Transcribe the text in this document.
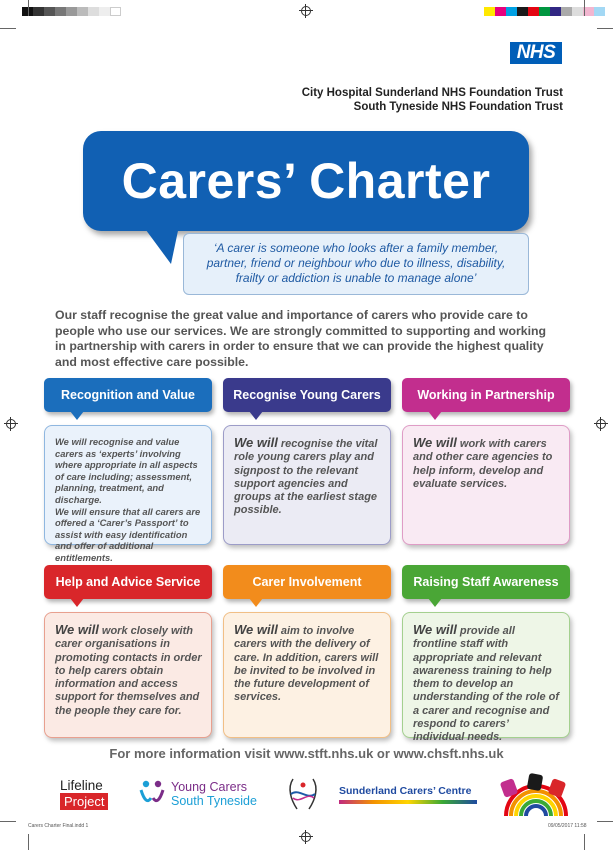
NHS
City Hospital Sunderland NHS Foundation Trust
South Tyneside NHS Foundation Trust
Carers’ Charter
‘A carer is someone who looks after a family member, partner, friend or neighbour who due to illness, disability, frailty or addiction is unable to manage alone’
Our staff recognise the great value and importance of carers who provide care to people who use our services. We are strongly committed to supporting and working in partnership with carers in order to ensure that we can provide the highest quality and most effective care possible.
Recognition and Value
We will recognise and value carers as ‘experts’ involving where appropriate in all aspects of care including; assessment, planning, treatment, and discharge.
We will ensure that all carers are offered a ‘Carer’s Passport’ to assist with easy identification and offer of additional entitlements.
Recognise Young Carers
We will recognise the vital role young carers play and signpost to the relevant support agencies and groups at the earliest stage possible.
Working in Partnership
We will work with carers and other care agencies to help inform, develop and evaluate services.
Help and Advice Service
We will work closely with carer organisations in promoting contacts in order to help carers obtain information and access support for themselves and the people they care for.
Carer Involvement
We will aim to involve carers with the delivery of care. In addition, carers will be invited to be involved in the future development of services.
Raising Staff Awareness
We will provide all frontline staff with appropriate and relevant awareness training to help them to develop an understanding of the role of a carer and recognise and respond to carers’ individual needs.
For more information visit www.stft.nhs.uk or www.chsft.nhs.uk
Lifeline
Project
Young Carers
South Tyneside
Sunderland Carers’ Centre
Carers Charter Final.indd 1	09/05/2017 11:58
